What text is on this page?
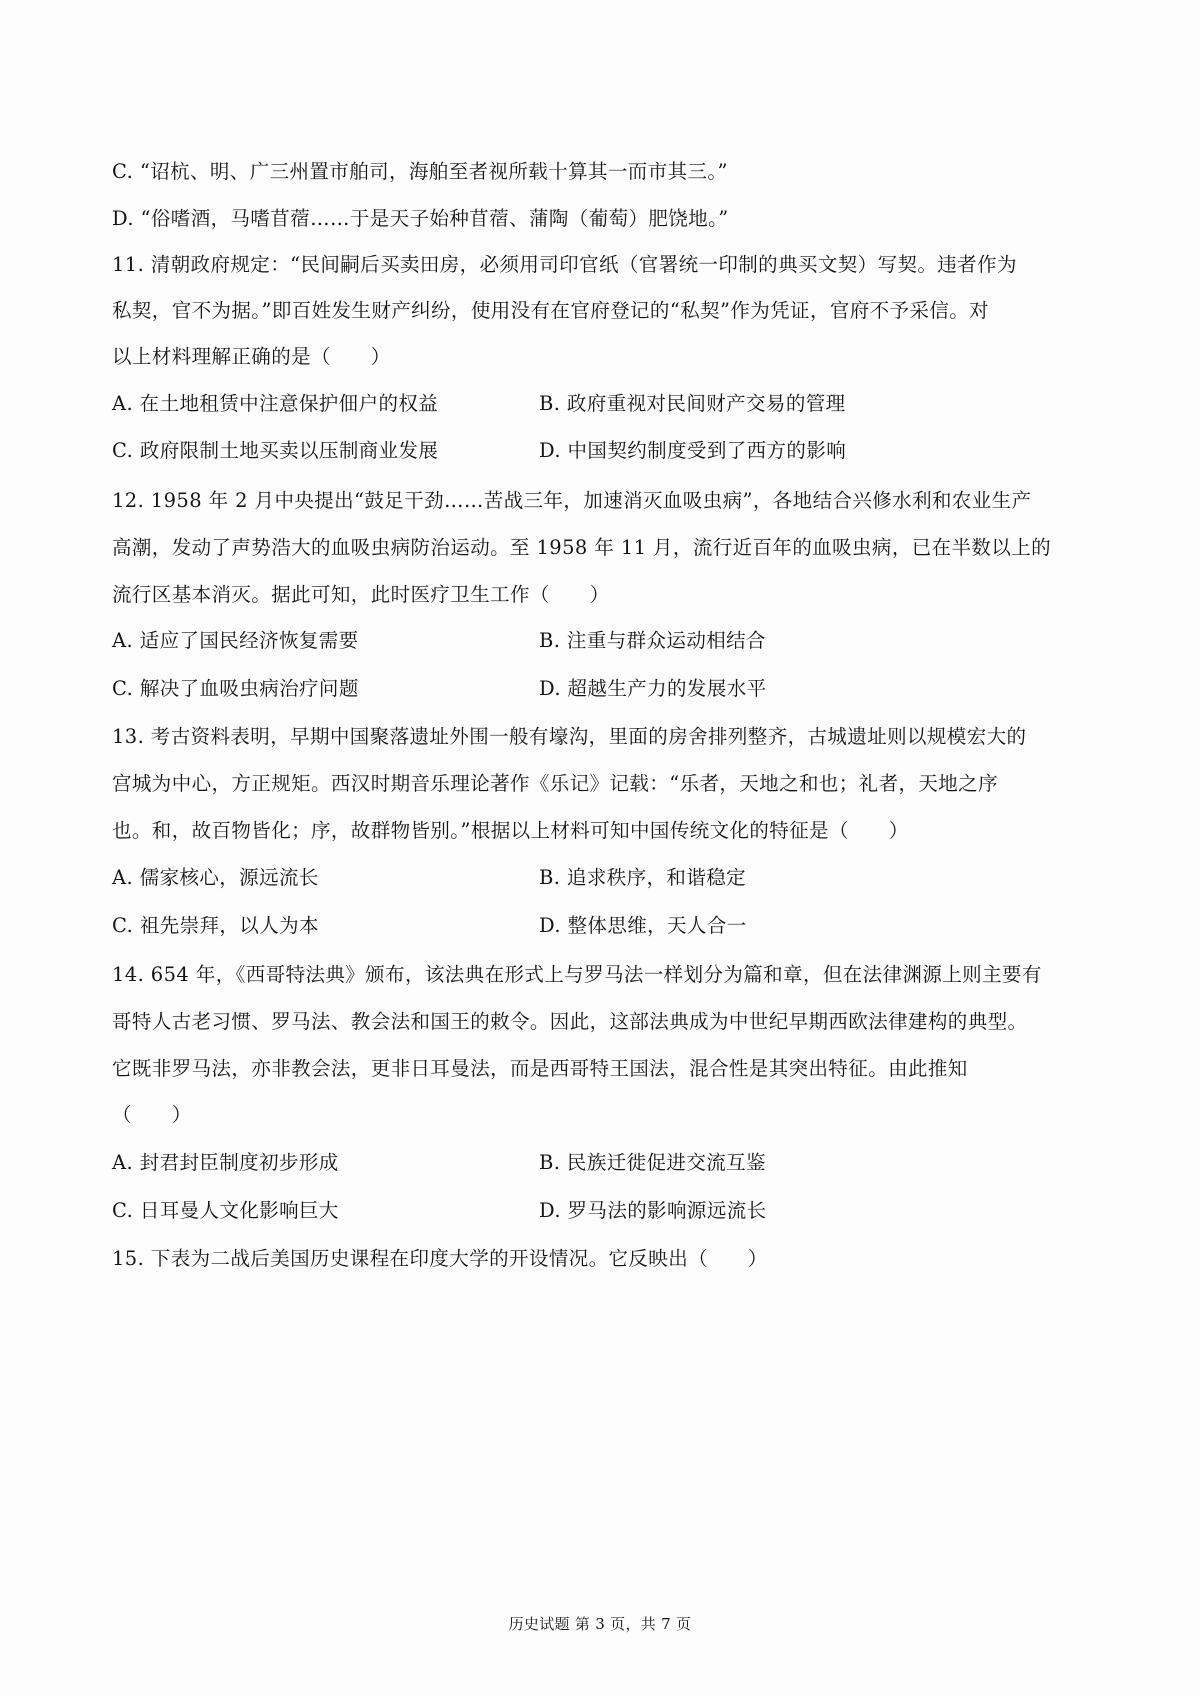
C. “诏杭、明、广三州置市舶司，海舶至者视所载十算其一而市其三。”
D. “俗嗜酒，马嗜苜蓿……于是天子始种苜蓿、蒲陶（葡萄）肥饶地。”
11. 清朝政府规定：“民间嗣后买卖田房，必须用司印官纸（官署统一印制的典买文契）写契。违者作为
私契，官不为据。”即百姓发生财产纠纷，使用没有在官府登记的“私契”作为凭证，官府不予采信。对
以上材料理解正确的是（　　）
A. 在土地租赁中注意保护佃户的权益	B. 政府重视对民间财产交易的管理
C. 政府限制土地买卖以压制商业发展	D. 中国契约制度受到了西方的影响
12. 1958 年 2 月中央提出“鼓足干劲……苦战三年，加速消灭血吸虫病”，各地结合兴修水利和农业生产
高潮，发动了声势浩大的血吸虫病防治运动。至 1958 年 11 月，流行近百年的血吸虫病，已在半数以上的
流行区基本消灭。据此可知，此时医疗卫生工作（　　）
A. 适应了国民经济恢复需要	B. 注重与群众运动相结合
C. 解决了血吸虫病治疗问题	D. 超越生产力的发展水平
13. 考古资料表明，早期中国聚落遗址外围一般有壕沟，里面的房舍排列整齐，古城遗址则以规模宏大的
宫城为中心，方正规矩。西汉时期音乐理论著作《乐记》记载：“乐者，天地之和也；礼者，天地之序
也。和，故百物皆化；序，故群物皆别。”根据以上材料可知中国传统文化的特征是（　　）
A. 儒家核心，源远流长	B. 追求秩序，和谐稳定
C. 祖先崇拜，以人为本	D. 整体思维，天人合一
14. 654 年，《西哥特法典》颁布，该法典在形式上与罗马法一样划分为篇和章，但在法律渊源上则主要有
哥特人古老习惯、罗马法、教会法和国王的敕令。因此，这部法典成为中世纪早期西欧法律建构的典型。
它既非罗马法，亦非教会法，更非日耳曼法，而是西哥特王国法，混合性是其突出特征。由此推知
（　　）
A. 封君封臣制度初步形成	B. 民族迁徙促进交流互鉴
C. 日耳曼人文化影响巨大	D. 罗马法的影响源远流长
15. 下表为二战后美国历史课程在印度大学的开设情况。它反映出（　　）
历史试题 第 3 页，共 7 页
